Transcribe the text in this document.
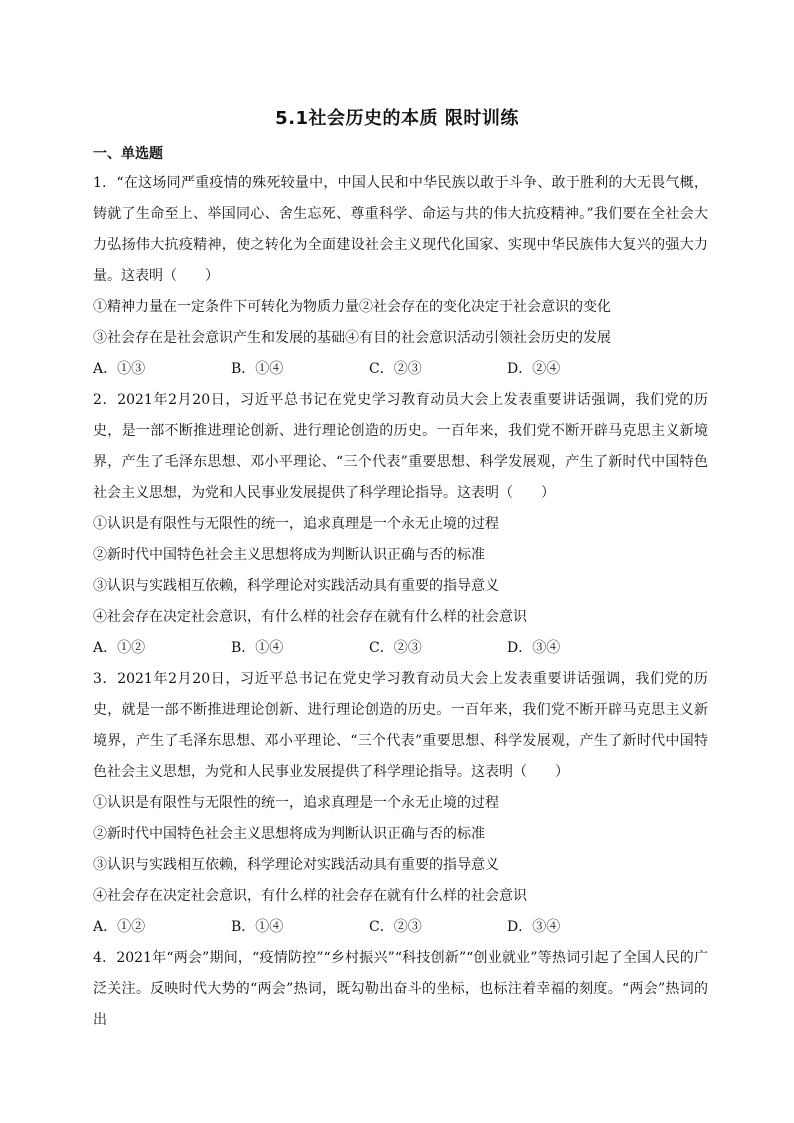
5.1社会历史的本质 限时训练
一、单选题

1．“在这场同严重疫情的殊死较量中，中国人民和中华民族以敢于斗争、敢于胜利的大无畏气概，铸就了生命至上、举国同心、舍生忘死、尊重科学、命运与共的伟大抗疫精神。”我们要在全社会大力弘扬伟大抗疫精神，使之转化为全面建设社会主义现代化国家、实现中华民族伟大复兴的强大力量。这表明（　　）

①精神力量在一定条件下可转化为物质力量②社会存在的变化决定于社会意识的变化

③社会存在是社会意识产生和发展的基础④有目的社会意识活动引领社会历史的发展

A．①③	B．①④	C．②③	D．②④

2．2021年2月20日，习近平总书记在党史学习教育动员大会上发表重要讲话强调，我们党的历史，是一部不断推进理论创新、进行理论创造的历史。一百年来，我们党不断开辟马克思主义新境界，产生了毛泽东思想、邓小平理论、“三个代表”重要思想、科学发展观，产生了新时代中国特色社会主义思想，为党和人民事业发展提供了科学理论指导。这表明（　　）

①认识是有限性与无限性的统一，追求真理是一个永无止境的过程

②新时代中国特色社会主义思想将成为判断认识正确与否的标准

③认识与实践相互依赖，科学理论对实践活动具有重要的指导意义

④社会存在决定社会意识，有什么样的社会存在就有什么样的社会意识

A．①②	B．①④	C．②③	D．③④

3．2021年2月20日，习近平总书记在党史学习教育动员大会上发表重要讲话强调，我们党的历史，就是一部不断推进理论创新、进行理论创造的历史。一百年来，我们党不断开辟马克思主义新境界，产生了毛泽东思想、邓小平理论、“三个代表”重要思想、科学发展观，产生了新时代中国特色社会主义思想，为党和人民事业发展提供了科学理论指导。这表明（　　）

①认识是有限性与无限性的统一，追求真理是一个永无止境的过程

②新时代中国特色社会主义思想将成为判断认识正确与否的标准

③认识与实践相互依赖，科学理论对实践活动具有重要的指导意义

④社会存在决定社会意识，有什么样的社会存在就有什么样的社会意识

A．①②	B．①④	C．②③	D．③④

4．2021年“两会”期间，“疫情防控”“乡村振兴”“科技创新”“创业就业”等热词引起了全国人民的广泛关注。反映时代大势的“两会”热词，既勾勒出奋斗的坐标，也标注着幸福的刻度。“两会”热词的出
